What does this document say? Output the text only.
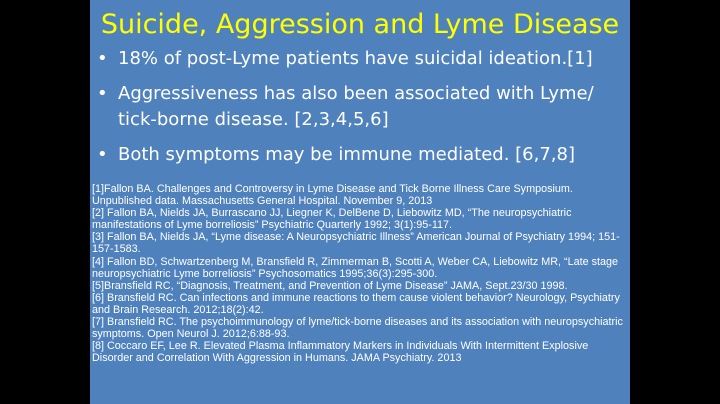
Suicide, Aggression and Lyme Disease
• 18% of post-Lyme patients have suicidal ideation.[1]
• Aggressiveness has also been associated with Lyme/ tick-borne disease. [2,3,4,5,6]
• Both symptoms may be immune mediated. [6,7,8]

[1]Fallon BA. Challenges and Controversy in Lyme Disease and Tick Borne Illness Care Symposium. Unpublished data. Massachusetts General Hospital. November 9, 2013

[2] Fallon BA, Nields JA, Burrascano JJ, Liegner K, DelBene D, Liebowitz MD, “The neuropsychiatric manifestations of Lyme borreliosis” Psychiatric Quarterly 1992; 3(1):95-117.

[3] Fallon BA, Nields JA, “Lyme disease: A Neuropsychiatric Illness” American Journal of Psychiatry 1994; 151-157-1583.

[4] Fallon BD, Schwartzenberg M, Bransfield R, Zimmerman B, Scotti A, Weber CA, Liebowitz MR, “Late stage neuropsychiatric Lyme borreliosis” Psychosomatics 1995;36(3):295-300.

[5]Bransfield RC, “Diagnosis, Treatment, and Prevention of Lyme Disease” JAMA, Sept.23/30 1998.

[6] Bransfield RC. Can infections and immune reactions to them cause violent behavior? Neurology, Psychiatry and Brain Research. 2012;18(2):42.

[7] Bransfield RC. The psychoimmunology of lyme/tick-borne diseases and its association with neuropsychiatric symptoms. Open Neurol J. 2012;6:88-93.

[8] Coccaro EF, Lee R. Elevated Plasma Inflammatory Markers in Individuals With Intermittent Explosive Disorder and Correlation With Aggression in Humans. JAMA Psychiatry. 2013
